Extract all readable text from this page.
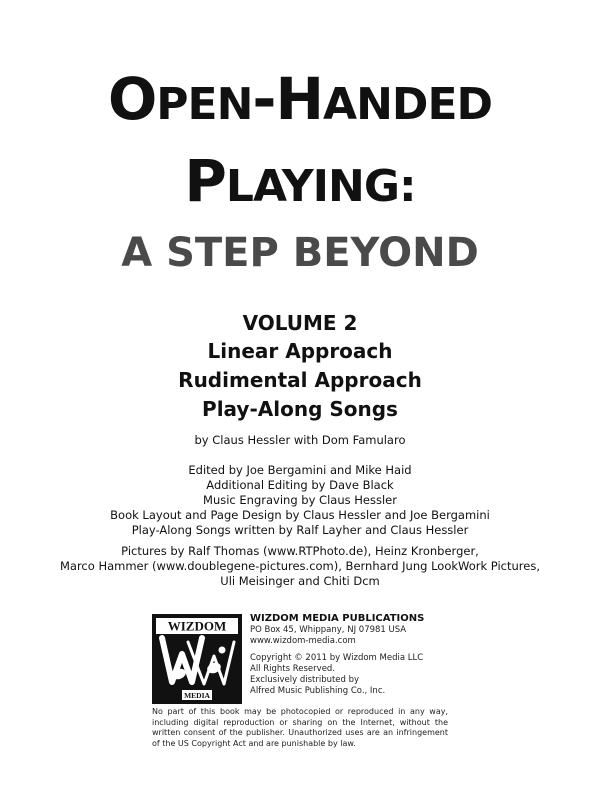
OPEN-HANDED
PLAYING:
A STEP BEYOND
VOLUME 2
Linear Approach
Rudimental Approach
Play-Along Songs
by Claus Hessler with Dom Famularo
Edited by Joe Bergamini and Mike Haid
Additional Editing by Dave Black
Music Engraving by Claus Hessler
Book Layout and Page Design by Claus Hessler and Joe Bergamini
Play-Along Songs written by Ralf Layher and Claus Hessler
Pictures by Ralf Thomas (www.RTPhoto.de), Heinz Kronberger,
Marco Hammer (www.doublegene-pictures.com), Bernhard Jung LookWork Pictures,
Uli Meisinger and Chiti Dcm
WIZDOM
MEDIA
WIZDOM MEDIA PUBLICATIONS
PO Box 45, Whippany, NJ 07981 USA
www.wizdom-media.com
Copyright © 2011 by Wizdom Media LLC
All Rights Reserved.
Exclusively distributed by
Alfred Music Publishing Co., Inc.
No part of this book may be photocopied or reproduced in any way, including digital reproduction or sharing on the Internet, without the written consent of the publisher. Unauthorized uses are an infringement of the US Copyright Act and are punishable by law.
